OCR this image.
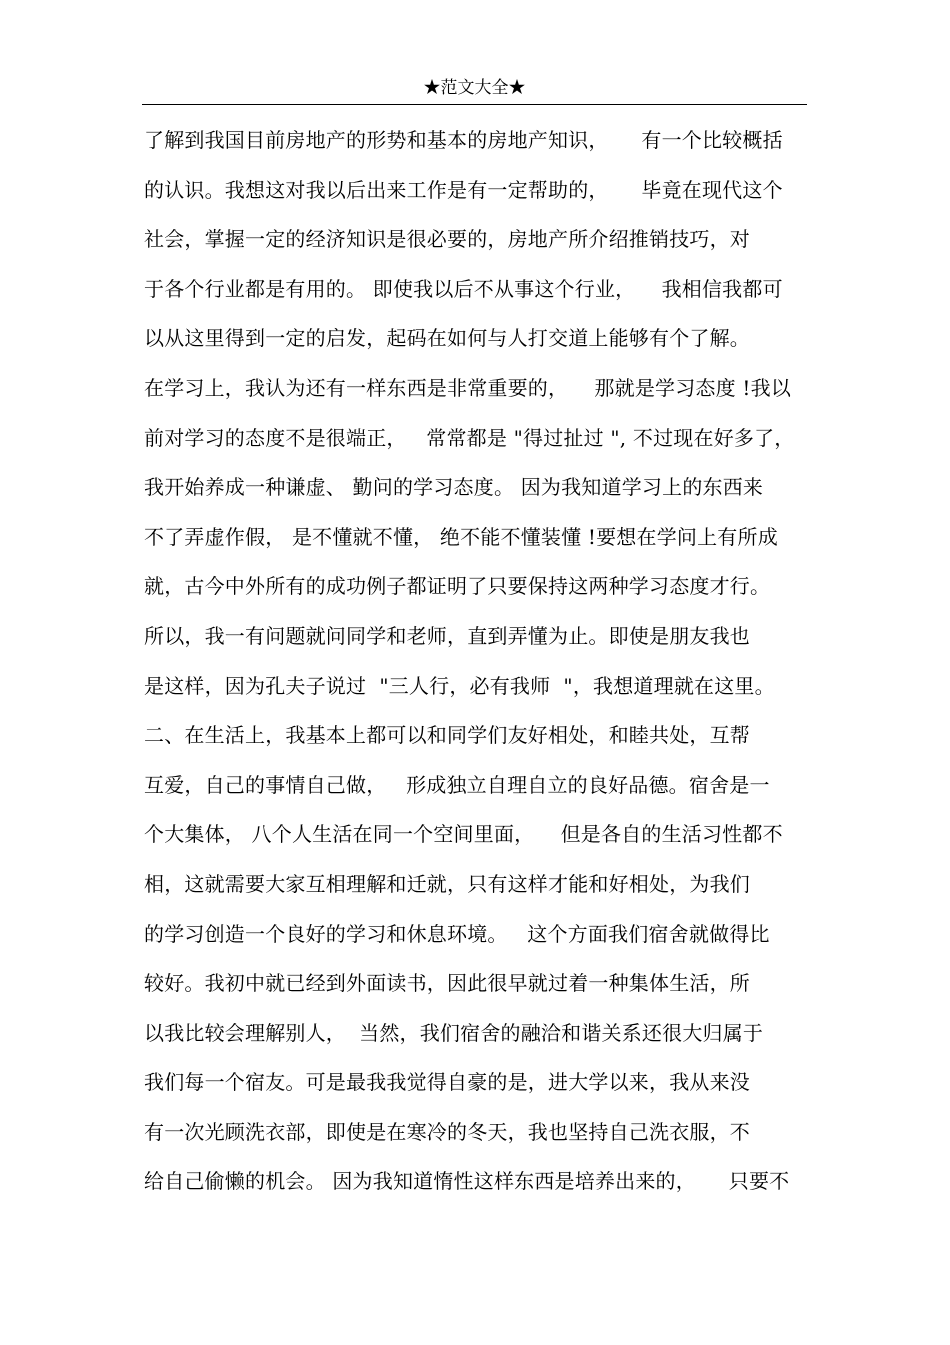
★范文大全★
了解到我国目前房地产的形势和基本的房地产知识，     有一个比较概括
的认识。我想这对我以后出来工作是有一定帮助的，     毕竟在现代这个
社会，掌握一定的经济知识是很必要的，房地产所介绍推销技巧，对
于各个行业都是有用的。 即使我以后不从事这个行业，    我相信我都可
以从这里得到一定的启发，起码在如何与人打交道上能够有个了解。
在学习上，我认为还有一样东西是非常重要的，    那就是学习态度 !我以
前对学习的态度不是很端正，   常常都是 "得过扯过 ", 不过现在好多了，
我开始养成一种谦虚、 勤问的学习态度。 因为我知道学习上的东西来
不了弄虚作假， 是不懂就不懂， 绝不能不懂装懂 !要想在学问上有所成
就，古今中外所有的成功例子都证明了只要保持这两种学习态度才行。
所以，我一有问题就问同学和老师，直到弄懂为止。即使是朋友我也
是这样，因为孔夫子说过  "三人行，必有我师  "，我想道理就在这里。
二、在生活上，我基本上都可以和同学们友好相处，和睦共处，互帮
互爱，自己的事情自己做，   形成独立自理自立的良好品德。宿舍是一
个大集体， 八个人生活在同一个空间里面，    但是各自的生活习性都不
相，这就需要大家互相理解和迁就，只有这样才能和好相处，为我们
的学习创造一个良好的学习和休息环境。   这个方面我们宿舍就做得比
较好。我初中就已经到外面读书，因此很早就过着一种集体生活，所
以我比较会理解别人，  当然，我们宿舍的融洽和谐关系还很大归属于
我们每一个宿友。可是最我我觉得自豪的是，进大学以来，我从来没
有一次光顾洗衣部，即使是在寒冷的冬天，我也坚持自己洗衣服，不
给自己偷懒的机会。 因为我知道惰性这样东西是培养出来的，     只要不
